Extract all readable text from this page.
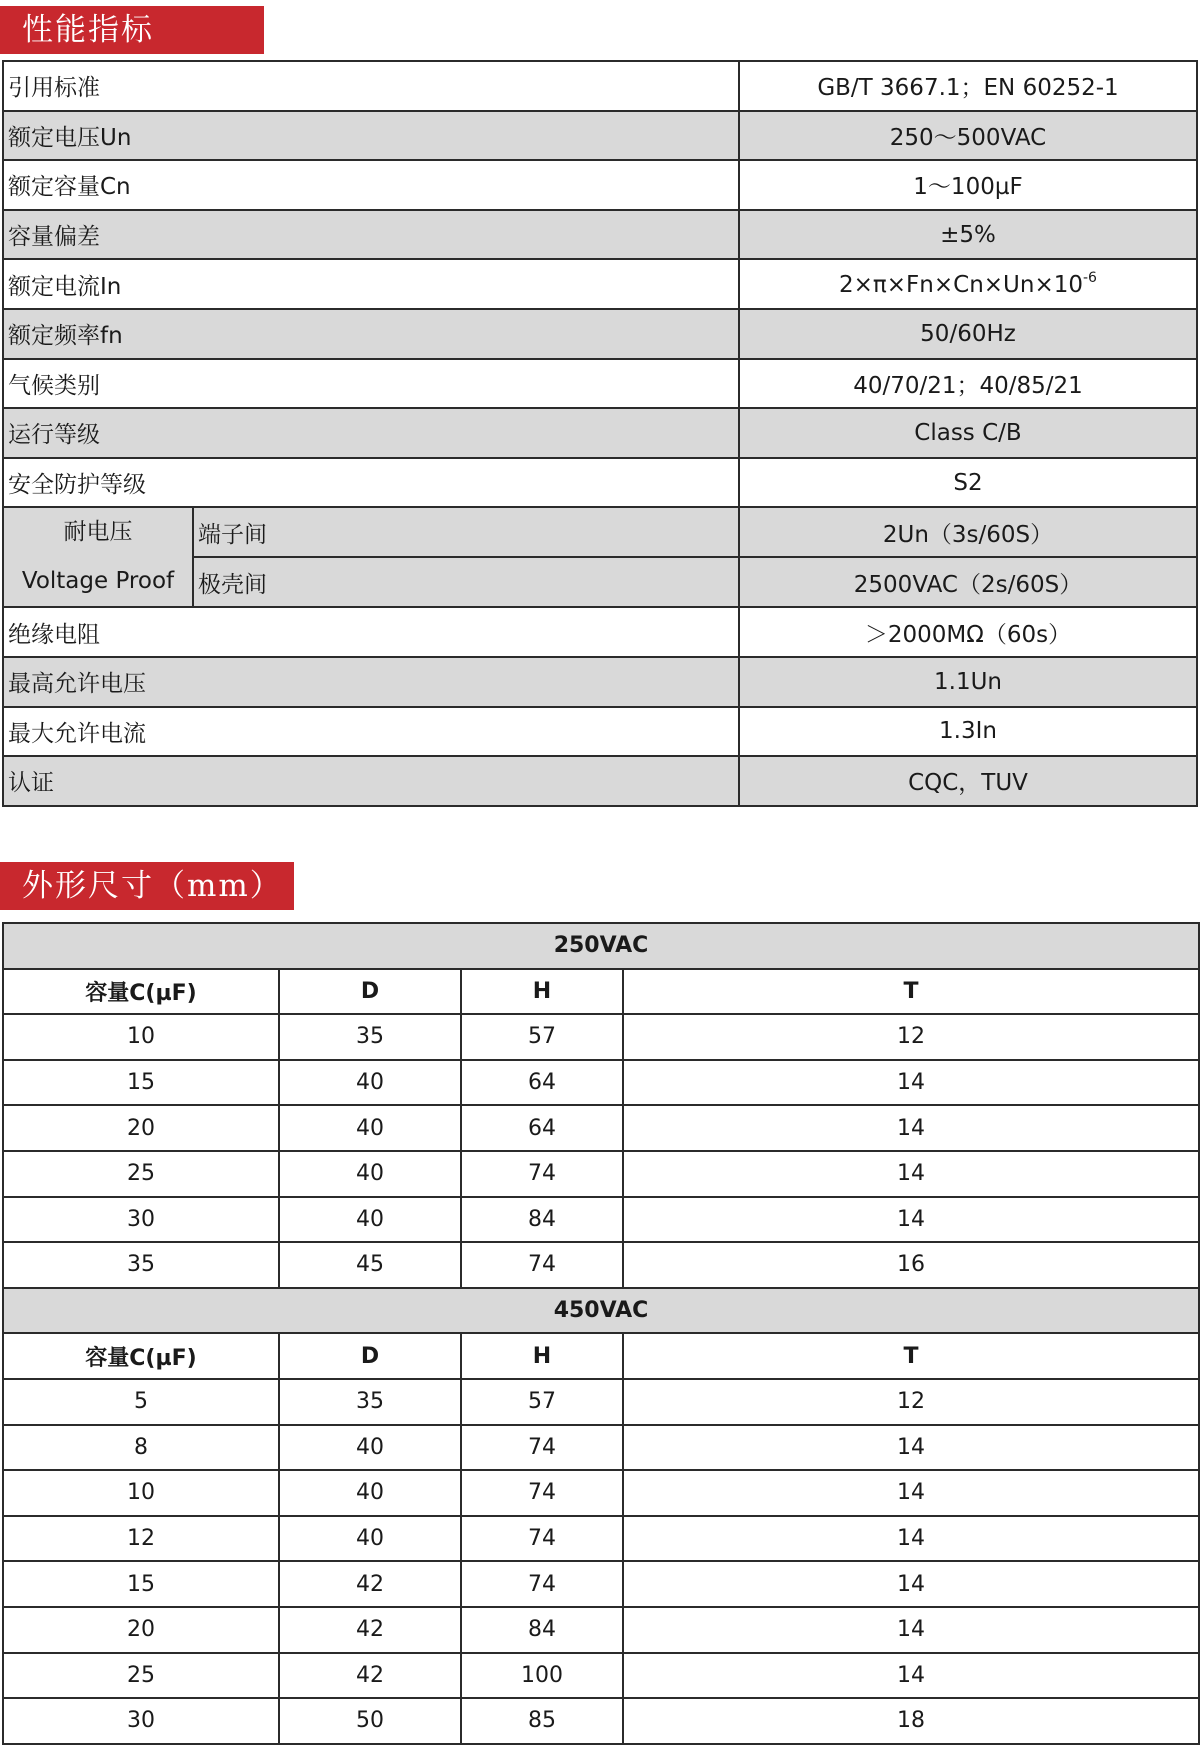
性能指标
引用标准		GB/T 3667.1；EN 60252-1
额定电压Un		250～500VAC
额定容量Cn		1～100µF
容量偏差		±5%
额定电流In		$2\times\pi\times Fn\times Cn\times Un\times 10^{-6}$
额定频率fn		50/60Hz
气候类别		40/70/21；40/85/21
运行等级		Class C/B
安全防护等级		S2

耐电压
Voltage Proof	端子间	2Un（3s/60S）
	极壳间	2500VAC（2s/60S）
绝缘电阻		＞2000MΩ（60s）
最高允许电压		1.1Un
最大允许电流		1.3In
认证		CQC，TUV
外形尺寸（mm）
250VAC			
容量C(µF)	D	H	T
10	35	57	12
15	40	64	14
20	40	64	14
25	40	74	14
30	40	84	14
35	45	74	16
450VAC			
容量C(µF)	D	H	T
5	35	57	12
8	40	74	14
10	40	74	14
12	40	74	14
15	42	74	14
20	42	84	14
25	42	100	14
30	50	85	18
